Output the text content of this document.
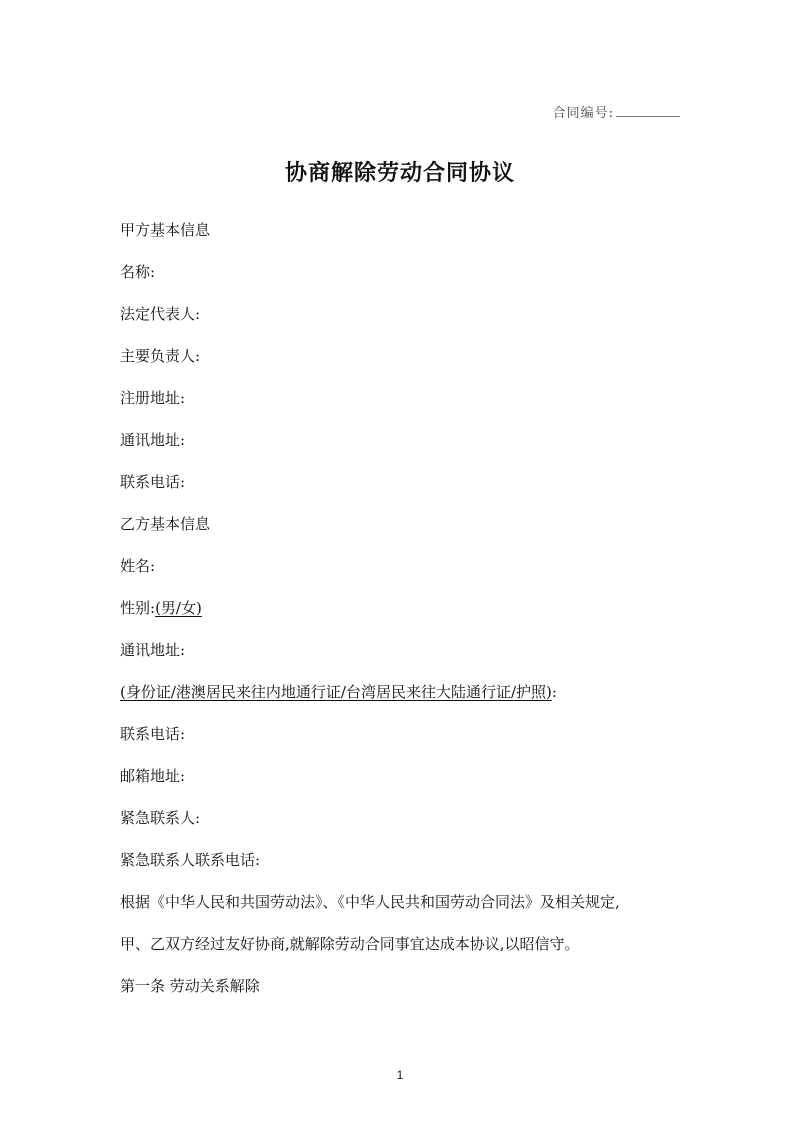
合同编号:
协商解除劳动合同协议
甲方基本信息
名称:
法定代表人:
主要负责人:
注册地址:
通讯地址:
联系电话:
乙方基本信息
姓名:
性别:(男/女)
通讯地址:
(身份证/港澳居民来往内地通行证/台湾居民来往大陆通行证/护照):
联系电话:
邮箱地址:
紧急联系人:
紧急联系人联系电话:
根据《中华人民和共国劳动法》、《中华人民共和国劳动合同法》及相关规定,
甲、乙双方经过友好协商,就解除劳动合同事宜达成本协议,以昭信守。
第一条 劳动关系解除
1
